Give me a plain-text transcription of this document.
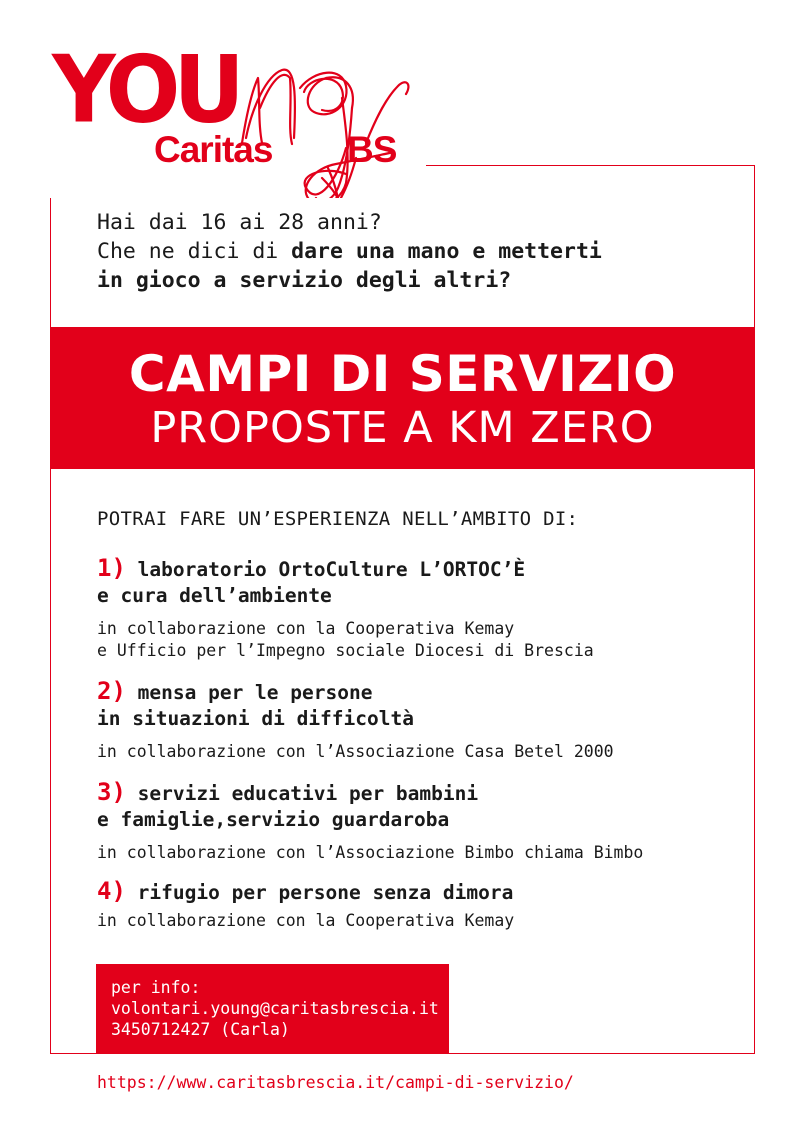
YOU
Caritas BS
Hai dai 16 ai 28 anni?
Che ne dici di dare una mano e metterti
in gioco a servizio degli altri?
CAMPI DI SERVIZIO
PROPOSTE A KM ZERO
POTRAI FARE UN’ESPERIENZA NELL’AMBITO DI:
1) laboratorio OrtoCulture L’ORTOC’È
e cura dell’ambiente
in collaborazione con la Cooperativa Kemay
e Ufficio per l’Impegno sociale Diocesi di Brescia
2) mensa per le persone
in situazioni di difficoltà
in collaborazione con l’Associazione Casa Betel 2000
3) servizi educativi per bambini
e famiglie,servizio guardaroba
in collaborazione con l’Associazione Bimbo chiama Bimbo
4) rifugio per persone senza dimora
in collaborazione con la Cooperativa Kemay
per info:
volontari.young@caritasbrescia.it
3450712427 (Carla)
https://www.caritasbrescia.it/campi-di-servizio/
